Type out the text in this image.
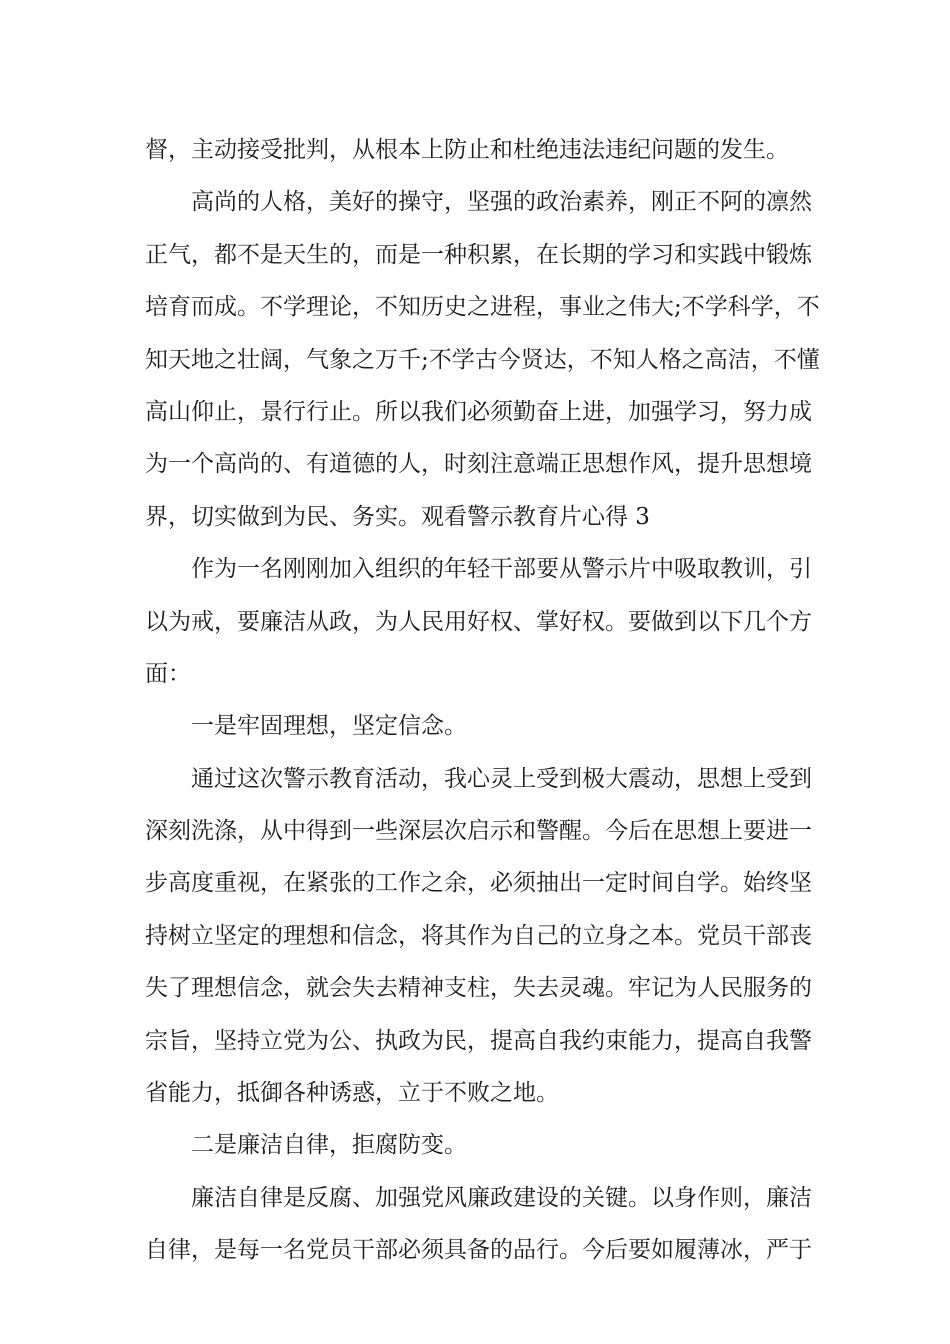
督，主动接受批判，从根本上防止和杜绝违法违纪问题的发生。
高尚的人格，美好的操守，坚强的政治素养，刚正不阿的凛然
正气，都不是天生的，而是一种积累，在长期的学习和实践中锻炼
培育而成。不学理论，不知历史之进程，事业之伟大;不学科学，不
知天地之壮阔，气象之万千;不学古今贤达，不知人格之高洁，不懂
高山仰止，景行行止。所以我们必须勤奋上进，加强学习，努力成
为一个高尚的、有道德的人，时刻注意端正思想作风，提升思想境
界，切实做到为民、务实。观看警示教育片心得 3
作为一名刚刚加入组织的年轻干部要从警示片中吸取教训，引
以为戒，要廉洁从政，为人民用好权、掌好权。要做到以下几个方
面：
一是牢固理想，坚定信念。
通过这次警示教育活动，我心灵上受到极大震动，思想上受到
深刻洗涤，从中得到一些深层次启示和警醒。今后在思想上要进一
步高度重视，在紧张的工作之余，必须抽出一定时间自学。始终坚
持树立坚定的理想和信念，将其作为自己的立身之本。党员干部丧
失了理想信念，就会失去精神支柱，失去灵魂。牢记为人民服务的
宗旨，坚持立党为公、执政为民，提高自我约束能力，提高自我警
省能力，抵御各种诱惑，立于不败之地。
二是廉洁自律，拒腐防变。
廉洁自律是反腐、加强党风廉政建设的关键。以身作则，廉洁
自律，是每一名党员干部必须具备的品行。今后要如履薄冰，严于
